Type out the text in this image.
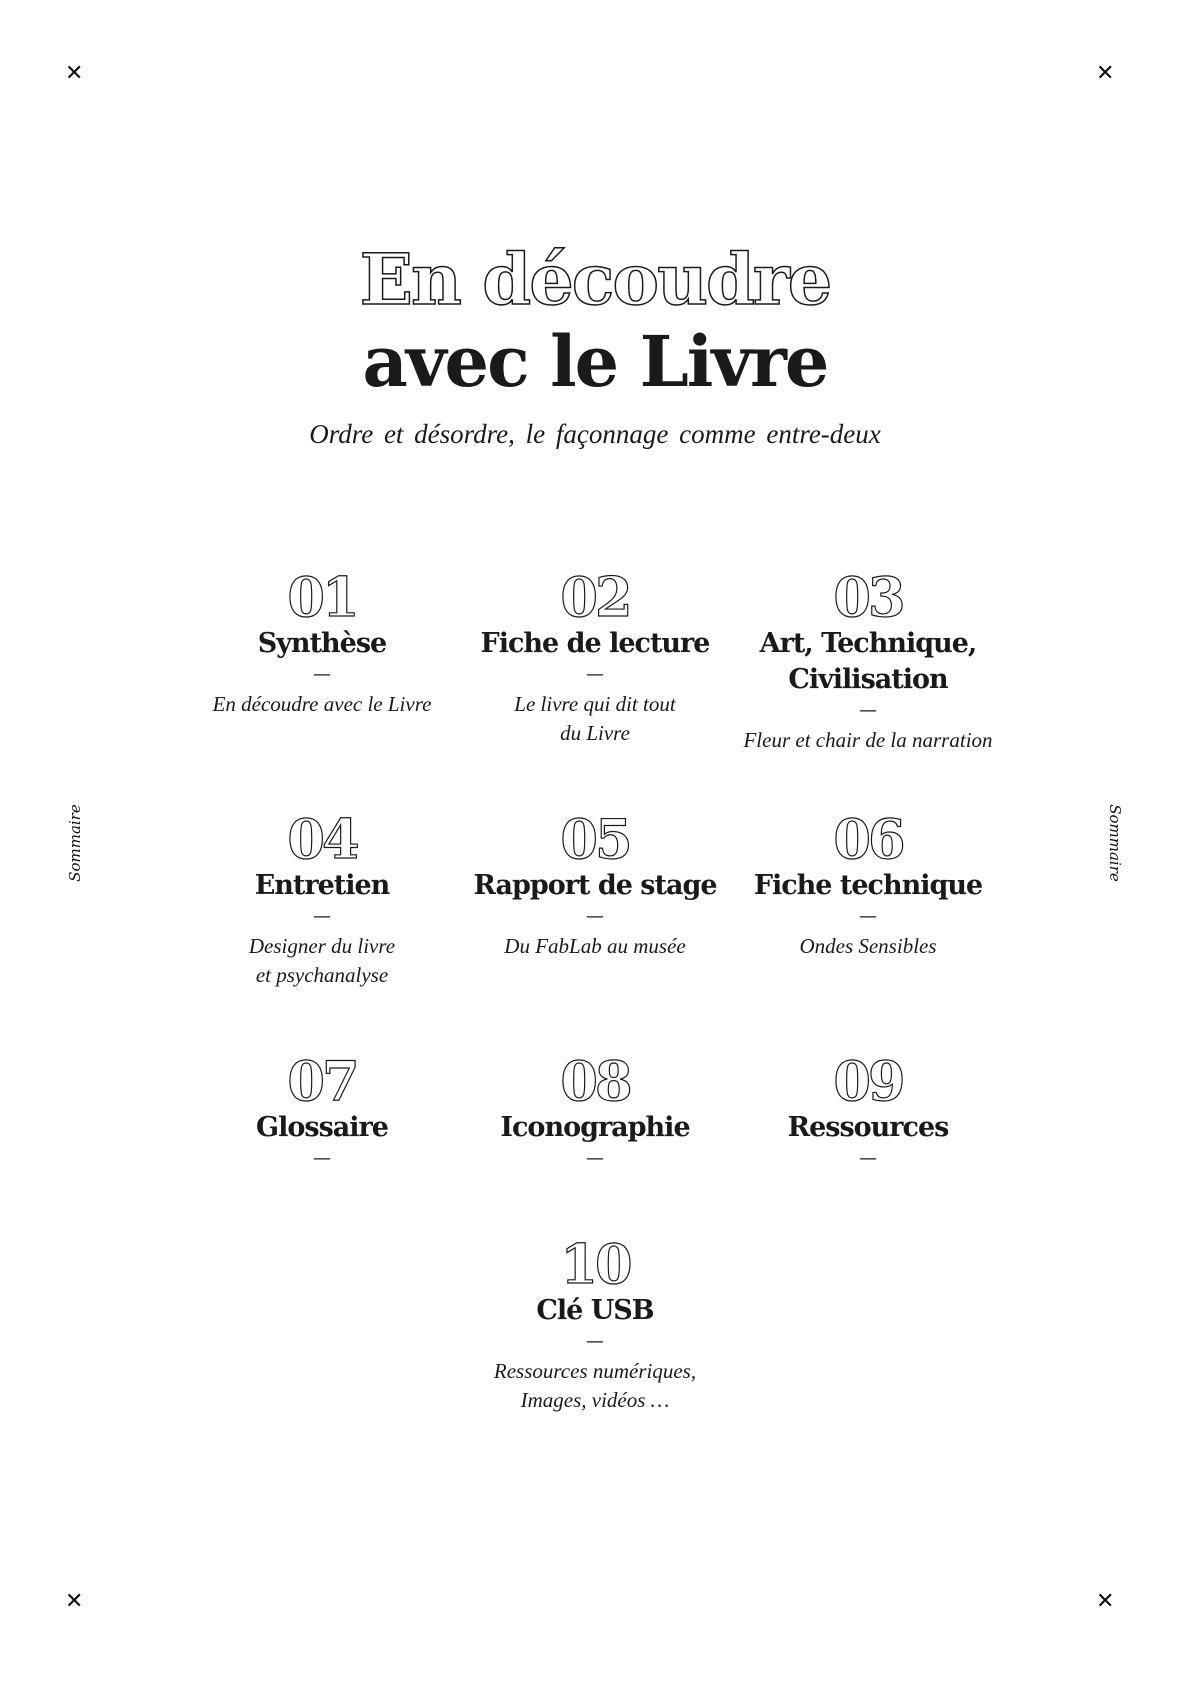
✕	✕
✕	✕
Sommaire	Sommaire
En découdre
avec le Livre
Ordre et désordre, le façonnage comme entre-deux
01
Synthèse
—
En découdre avec le Livre
02
Fiche de lecture
—
Le livre qui dit tout
du Livre
03
Art, Technique,
Civilisation
—
Fleur et chair de la narration
04
Entretien
—
Designer du livre
et psychanalyse
05
Rapport de stage
—
Du FabLab au musée
06
Fiche technique
—
Ondes Sensibles
07
Glossaire
—
08
Iconographie
—
09
Ressources
—
10
Clé USB
—
Ressources numériques,
Images, vidéos …
